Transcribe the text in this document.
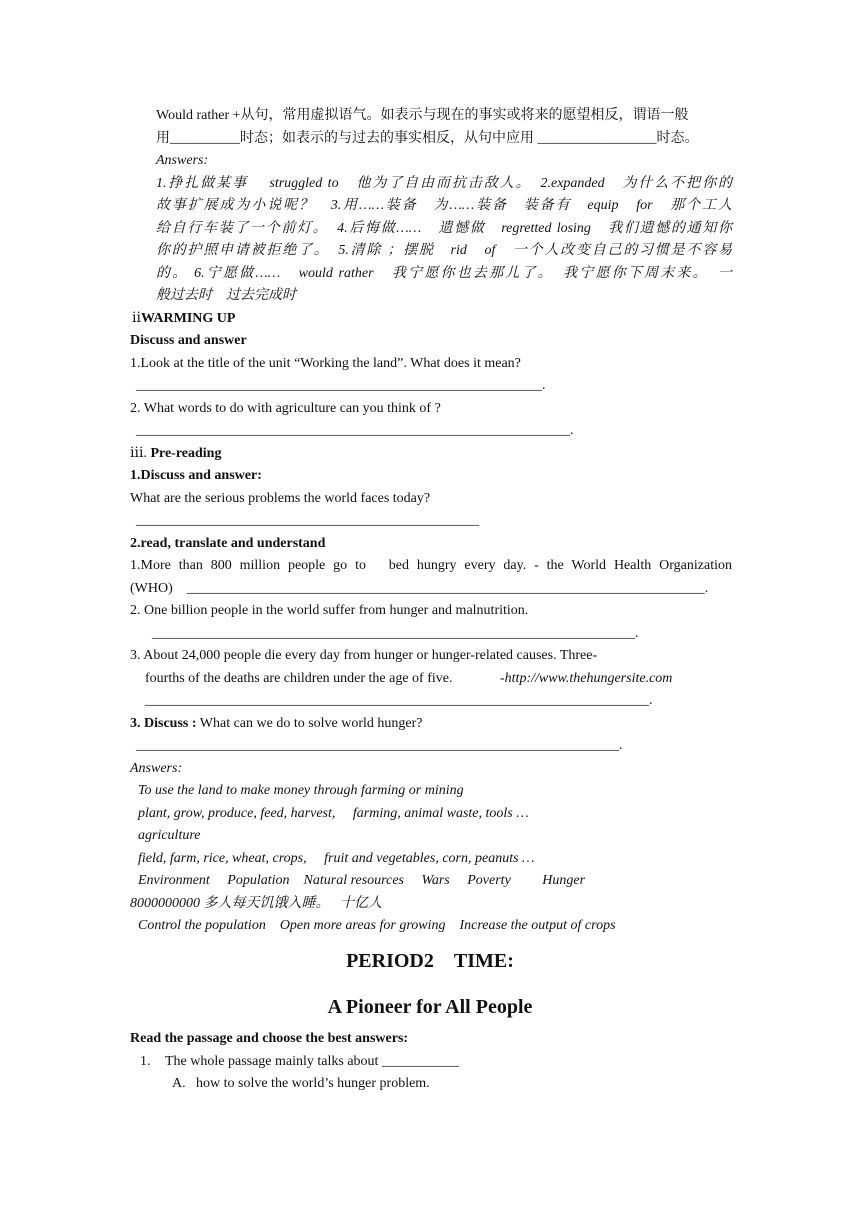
Would rather +从句，常用虚拟语气。如表示与现在的事实或将来的愿望相反，谓语一般
用__________时态；如表示的与过去的事实相反，从句中应用 _________________时态。
Answers:
1.挣扎做某事　 struggled to　他为了自由而抗击敌人。　2.expanded　为什么不把你的
故事扩展成为小说呢？　3.用……装备　为……装备　装备有　equip　for　那个工人
给自行车装了一个前灯。　4.后悔做……　遗憾做　regretted losing　我们遗憾的通知你
你的护照申请被拒绝了。　5.清除 ；摆脱　rid　of　一个人改变自己的习惯是不容易
的。 6.宁愿做……　would rather　我宁愿你也去那儿了。　我宁愿你下周末来。　一
般过去时　过去完成时
ⅱWARMING UP
Discuss and answer
1.Look at the title of the unit “Working the land”. What does it mean?
__________________________________________________________.
2. What words to do with agriculture can you think of ?
______________________________________________________________.
ⅲ. Pre-reading
1.Discuss and answer:
What are the serious problems the world faces today?
_________________________________________________
2.read, translate and understand
1.More than 800 million people go to　bed hungry every day. - the World Health Organization
(WHO) __________________________________________________________________________.
2. One billion people in the world suffer from hunger and malnutrition.
_____________________________________________________________________.
3. About 24,000 people die every day from hunger or hunger-related causes. Three-
fourths of the deaths are children under the age of five.	-http://www.thehungersite.com
________________________________________________________________________.
3. Discuss : What can we do to solve world hunger?
_____________________________________________________________________.
Answers:
To use the land to make money through farming or mining
plant, grow, produce, feed, harvest,　 farming, animal waste, tools …
agriculture
field, farm, rice, wheat, crops,　 fruit and vegetables, corn, peanuts …
Environment　 Population　Natural resources　 Wars　 Poverty　　 Hunger
8000000000 多人每天饥饿入睡。　 十亿人
Control the population　Open more areas for growing　Increase the output of crops
PERIOD2　TIME:
A Pioneer for All People
Read the passage and choose the best answers:
1. The whole passage mainly talks about ___________
A. how to solve the world’s hunger problem.
